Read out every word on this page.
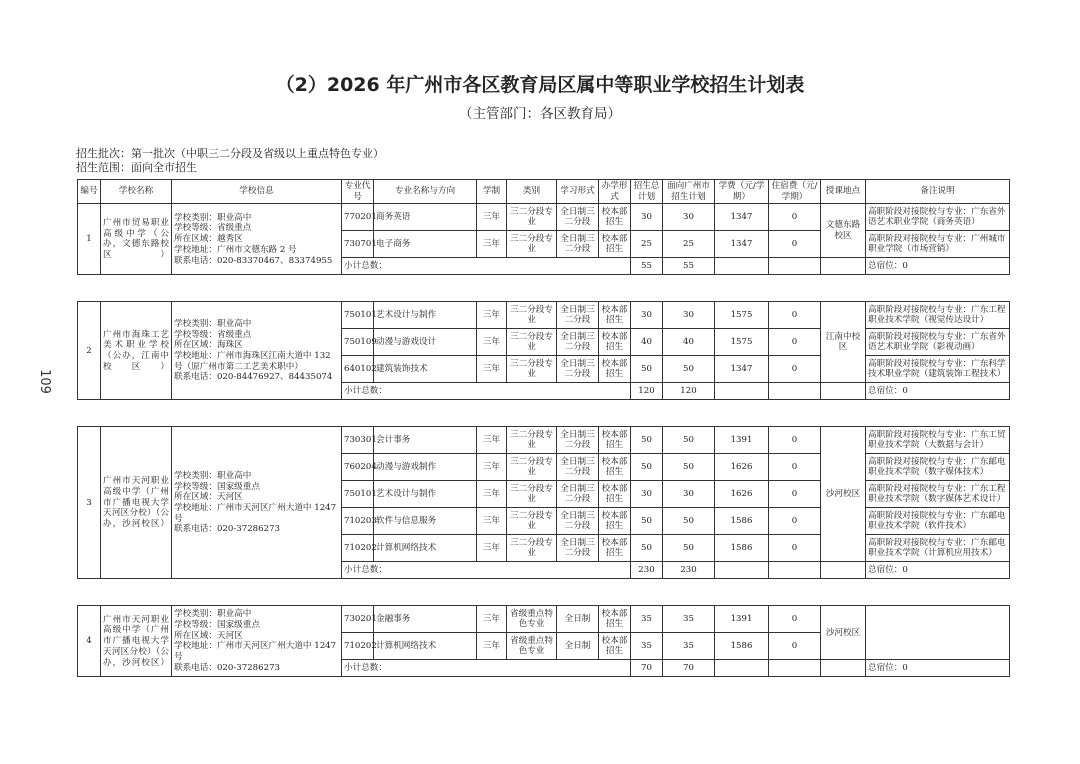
109
（2）2026 年广州市各区教育局区属中等职业学校招生计划表
（主管部门：各区教育局）
招生批次：第一批次（中职三二分段及省级以上重点特色专业）
招生范围：面向全市招生
编号	学校名称	学校信息	专业代号	专业名称与方向	学制	类别	学习形式	办学形式	招生总计划	面向广州市招生计划	学费（元/学期）	住宿费（元/学期）	授课地点	备注说明
1	广州市贸易职业高级中学（公办，文德东路校区）	学校类别：职业高中
学校等级：省级重点
所在区域：越秀区
学校地址：广州市文德东路 2 号
联系电话：020-83370467、83374955	770201	商务英语	三年	三二分段专业	全日制三二分段	校本部招生	30	30	1347	0	文德东路校区	高职阶段对接院校与专业：广东省外语艺术职业学院（商务英语）
			730701	电子商务	三年	三二分段专业	全日制三二分段	校本部招生	25	25	1347	0		高职阶段对接院校与专业：广州城市职业学院（市场营销）
			小计总数：						55	55				总宿位：0

2	广州市海珠工艺美术职业学校（公办，江南中校区）	学校类别：职业高中
学校等级：省级重点
所在区域：海珠区
学校地址：广州市海珠区江南大道中 132 号（原广州市第二工艺美术职中）
联系电话：020-84476927、84435074	750101	艺术设计与制作	三年	三二分段专业	全日制三二分段	校本部招生	30	30	1575	0	江南中校区	高职阶段对接院校与专业：广东工程职业技术学院（视觉传达设计）
			750109	动漫与游戏设计	三年	三二分段专业	全日制三二分段	校本部招生	40	40	1575	0		高职阶段对接院校与专业：广东省外语艺术职业学院（影视动画）
			640102	建筑装饰技术	三年	三二分段专业	全日制三二分段	校本部招生	50	50	1347	0		高职阶段对接院校与专业：广东科学技术职业学院（建筑装饰工程技术）
			小计总数：						120	120				总宿位：0

3	广州市天河职业高级中学（广州市广播电视大学天河区分校）（公办，沙河校区）	学校类别：职业高中
学校等级：国家级重点
所在区域：天河区
学校地址：广州市天河区广州大道中 1247 号
联系电话：020-37286273	730301	会计事务	三年	三二分段专业	全日制三二分段	校本部招生	50	50	1391	0	沙河校区	高职阶段对接院校与专业：广东工贸职业技术学院（大数据与会计）
			760204	动漫与游戏制作	三年	三二分段专业	全日制三二分段	校本部招生	50	50	1626	0		高职阶段对接院校与专业：广东邮电职业技术学院（数字媒体技术）
			750101	艺术设计与制作	三年	三二分段专业	全日制三二分段	校本部招生	30	30	1626	0		高职阶段对接院校与专业：广东工程职业技术学院（数字媒体艺术设计）
			710203	软件与信息服务	三年	三二分段专业	全日制三二分段	校本部招生	50	50	1586	0		高职阶段对接院校与专业：广东邮电职业技术学院（软件技术）
			710202	计算机网络技术	三年	三二分段专业	全日制三二分段	校本部招生	50	50	1586	0		高职阶段对接院校与专业：广东邮电职业技术学院（计算机应用技术）
			小计总数：						230	230				总宿位：0

4	广州市天河职业高级中学（广州市广播电视大学天河区分校）（公办，沙河校区）	学校类别：职业高中
学校等级：国家级重点
所在区域：天河区
学校地址：广州市天河区广州大道中 1247 号
联系电话：020-37286273	730201	金融事务	三年	省级重点特色专业	全日制	校本部招生	35	35	1391	0	沙河校区	
			710202	计算机网络技术	三年	省级重点特色专业	全日制	校本部招生	35	35	1586	0		
			小计总数：						70	70				总宿位：0
